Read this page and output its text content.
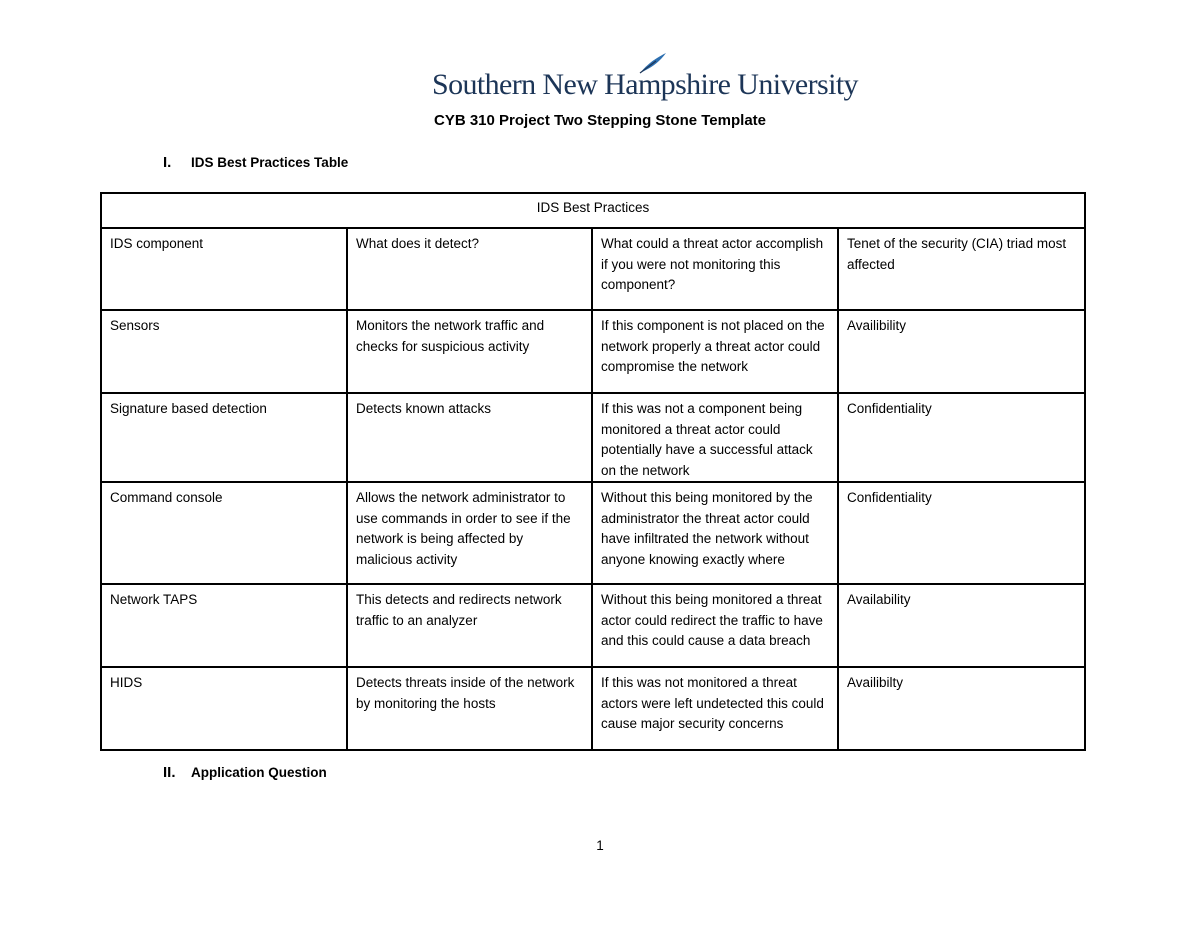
Southern New Hampshire University
CYB 310 Project Two Stepping Stone Template
I.	IDS Best Practices Table
IDS Best Practices			
IDS component	What does it detect?	What could a threat actor accomplish if you were not monitoring this component?	Tenet of the security (CIA) triad most affected
Sensors	Monitors the network traffic and checks for suspicious activity	If this component is not placed on the network properly a threat actor could compromise the network	Availibility
Signature based detection	Detects known attacks	If this was not a component being monitored a threat actor could potentially have a successful attack on the network	Confidentiality
Command console	Allows the network administrator to use commands in order to see if the network is being affected by malicious activity	Without this being monitored by the administrator the threat actor could have infiltrated the network without anyone knowing exactly where	Confidentiality
Network TAPS	This detects and redirects network traffic to an analyzer	Without this being monitored a threat actor could redirect the traffic to have and this could cause a data breach	Availability
HIDS	Detects threats inside of the network by monitoring the hosts	If this was not monitored a threat actors were left undetected this could cause major security concerns	Availibilty
II.	Application Question
1
